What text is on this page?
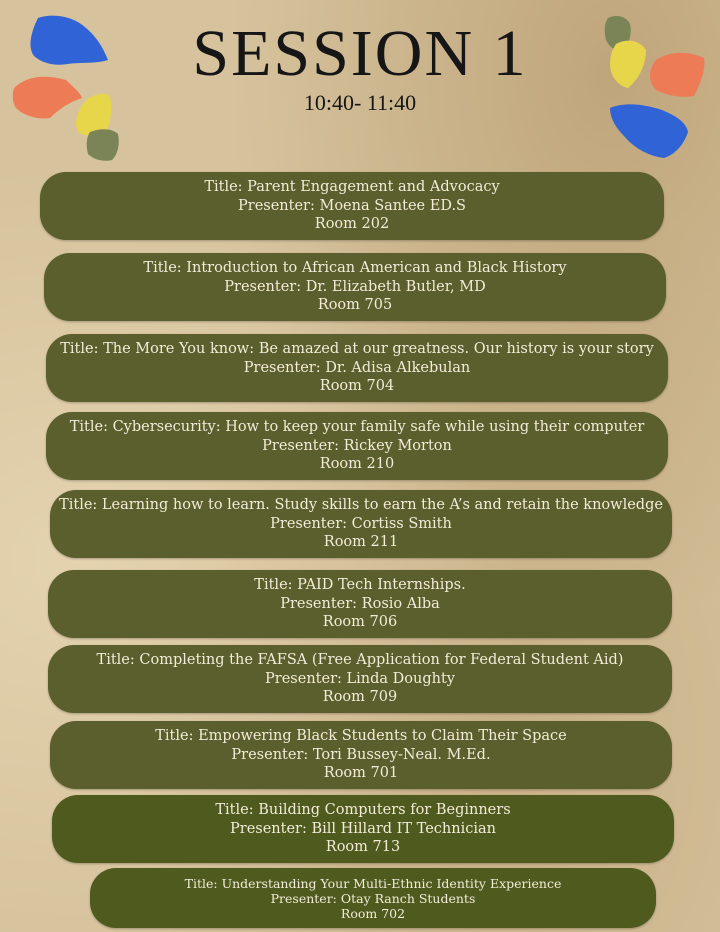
SESSION 1
10:40- 11:40
Title: Parent Engagement and Advocacy
Presenter: Moena Santee ED.S
Room 202
Title: Introduction to African American and Black History
Presenter: Dr. Elizabeth Butler, MD
Room 705
Title: The More You know: Be amazed at our greatness. Our history is your story
Presenter: Dr. Adisa Alkebulan
Room 704
Title: Cybersecurity: How to keep your family safe while using their computer
Presenter: Rickey Morton
Room 210
Title: Learning how to learn. Study skills to earn the A’s and retain the knowledge
Presenter: Cortiss Smith
Room 211
Title: PAID Tech Internships.
Presenter: Rosio Alba
Room 706
Title: Completing the FAFSA (Free Application for Federal Student Aid)
Presenter: Linda Doughty
Room 709
Title: Empowering Black Students to Claim Their Space
Presenter: Tori Bussey-Neal. M.Ed.
Room 701
Title: Building Computers for Beginners
Presenter: Bill Hillard IT Technician
Room 713
Title: Understanding Your Multi-Ethnic Identity Experience
Presenter: Otay Ranch Students
Room 702
